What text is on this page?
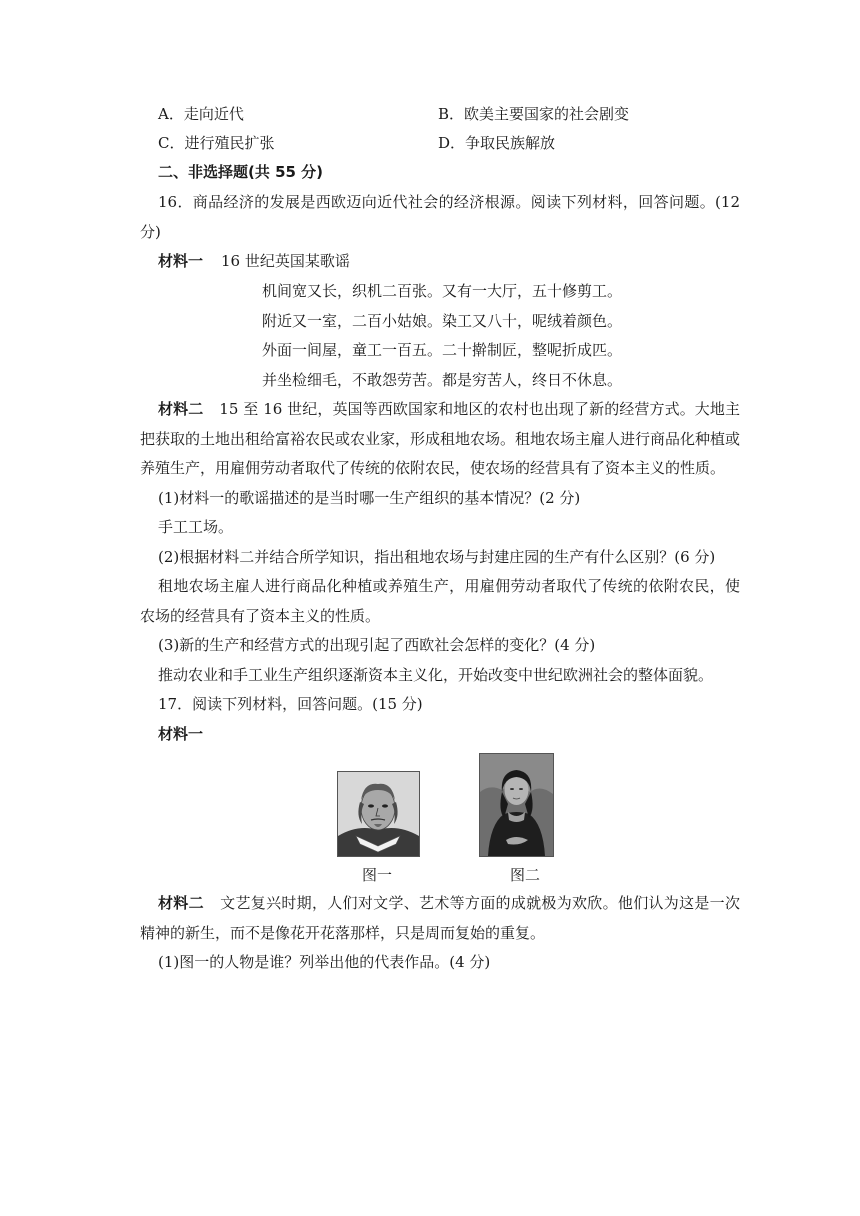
A．走向近代	B．欧美主要国家的社会剧变
C．进行殖民扩张	D．争取民族解放
二、非选择题(共 55 分)
16．商品经济的发展是西欧迈向近代社会的经济根源。阅读下列材料，回答问题。(12
分)
材料一 16 世纪英国某歌谣
机间宽又长，织机二百张。又有一大厅，五十修剪工。
附近又一室，二百小姑娘。染工又八十，呢绒着颜色。
外面一间屋，童工一百五。二十擀制匠，整呢折成匹。
并坐检细毛，不敢怨劳苦。都是穷苦人，终日不休息。
材料二 15 至 16 世纪，英国等西欧国家和地区的农村也出现了新的经营方式。大地主
把获取的土地出租给富裕农民或农业家，形成租地农场。租地农场主雇人进行商品化种植或
养殖生产，用雇佣劳动者取代了传统的依附农民，使农场的经营具有了资本主义的性质。
(1)材料一的歌谣描述的是当时哪一生产组织的基本情况？(2 分)
手工工场。
(2)根据材料二并结合所学知识，指出租地农场与封建庄园的生产有什么区别？(6 分)
租地农场主雇人进行商品化种植或养殖生产，用雇佣劳动者取代了传统的依附农民，使
农场的经营具有了资本主义的性质。
(3)新的生产和经营方式的出现引起了西欧社会怎样的变化？(4 分)
推动农业和手工业生产组织逐渐资本主义化，开始改变中世纪欧洲社会的整体面貌。
17．阅读下列材料，回答问题。(15 分)
材料一
图一	图二
材料二 文艺复兴时期，人们对文学、艺术等方面的成就极为欢欣。他们认为这是一次
精神的新生，而不是像花开花落那样，只是周而复始的重复。
(1)图一的人物是谁？列举出他的代表作品。(4 分)
